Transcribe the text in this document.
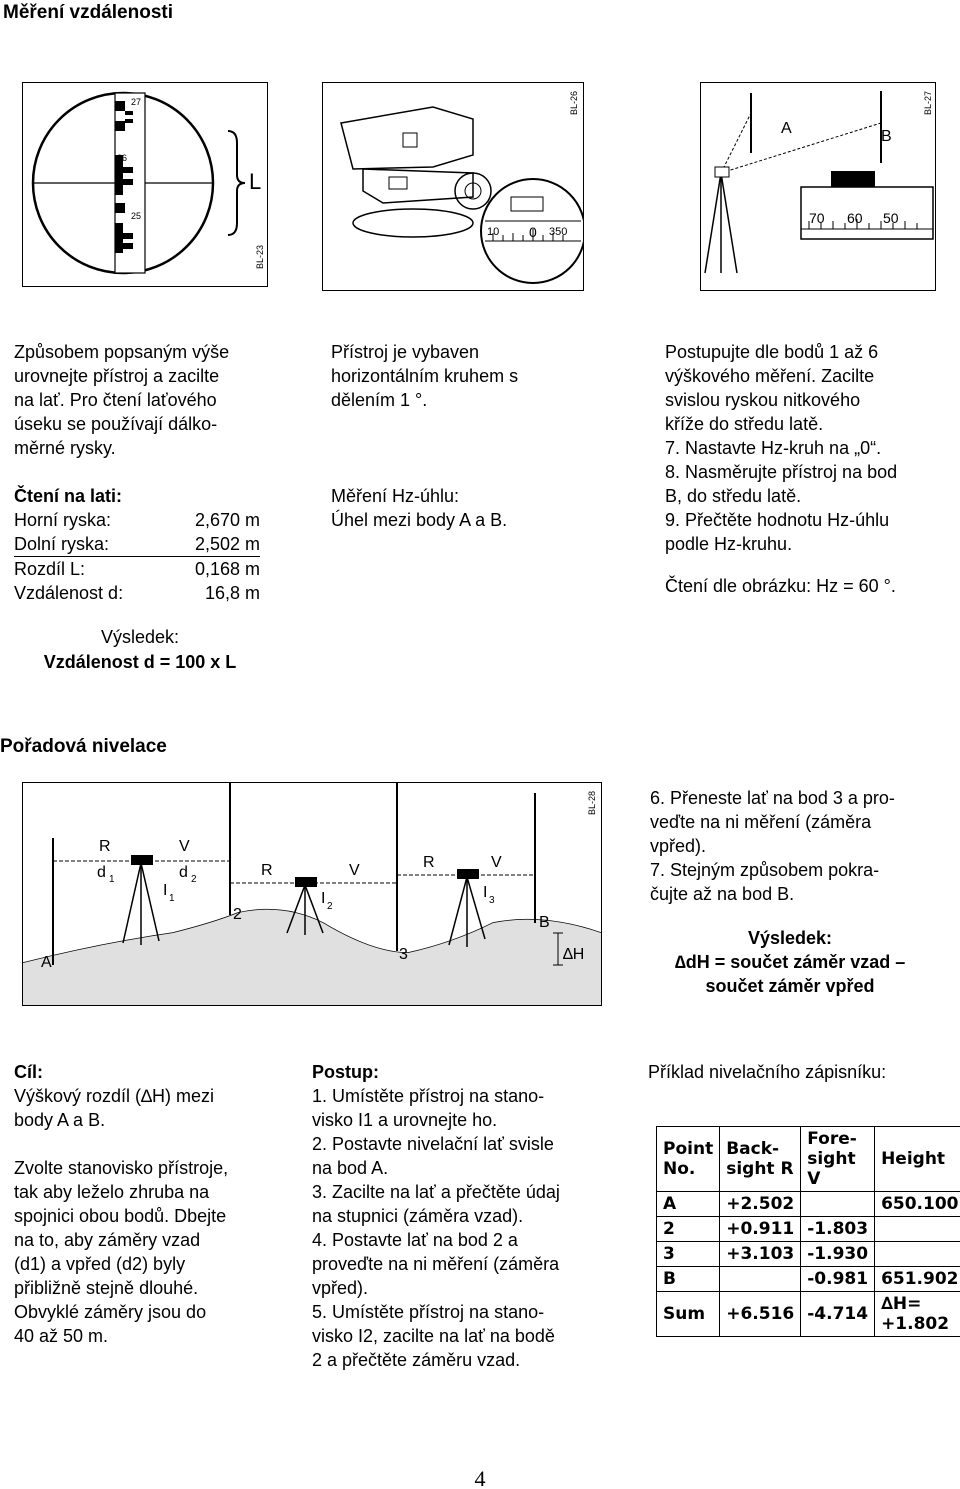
Měření vzdálenosti
27
26
25
L
BL-23
10 0 350
BL-26
A	B
70 60 50
BL-27
Způsobem popsaným výše
urovnejte přístroj a zacilte
na lať. Pro čtení laťového
úseku se používají dálko-
měrné rysky.
Čtení na lati:
Horní ryska:	2,670 m
Dolní ryska:	2,502 m
Rozdíl L:	0,168 m
Vzdálenost d:	16,8 m
Výsledek:
Vzdálenost d = 100 x L
Přístroj je vybaven
horizontálním kruhem s
dělením 1 °.
Měření Hz-úhlu:
Úhel mezi body A a B.
Postupujte dle bodů 1 až 6
výškového měření. Zacilte
svislou ryskou nitkového
kříže do středu latě.
7. Nastavte Hz-kruh na „0“.
8. Nasměrujte přístroj na bod
B, do středu latě.
9. Přečtěte hodnotu Hz-úhlu
podle Hz-kruhu.
Čtení dle obrázku: Hz = 60 °.
Pořadová nivelace
R	V
d 1	d 2
I 1
R	V
I 2
R	V
I 3
2
3
A
B
∆H
BL-28	6. Přeneste lať na bod 3 a pro-
veďte na ni měření (záměra
vpřed).
7. Stejným způsobem pokra-
čujte až na bod B.
Výsledek:
∆dH = součet záměr vzad –
součet záměr vpřed
Cíl:
Výškový rozdíl (∆H) mezi
body A a B.
Zvolte stanovisko přístroje,
tak aby leželo zhruba na
spojnici obou bodů. Dbejte
na to, aby záměry vzad
(d1) a vpřed (d2) byly
přibližně stejně dlouhé.
Obvyklé záměry jsou do
40 až 50 m.
Postup:
1. Umístěte přístroj na stano-
visko I1 a urovnejte ho.
2. Postavte nivelační lať svisle
na bod A.
3. Zacilte na lať a přečtěte údaj
na stupnici (záměra vzad).
4. Postavte lať na bod 2 a
proveďte na ni měření (záměra
vpřed).
5. Umístěte přístroj na stano-
visko I2, zacilte na lať na bodě
2 a přečtěte záměru vzad.
Příklad nivelačního zápisníku:
Point No.	Back-sight R	Fore-sight V	Height
A	+2.502		650.100
2	+0.911	-1.803	
3	+3.103	-1.930	
B		-0.981	651.902
Sum	+6.516	-4.714	∆H= +1.802
4
